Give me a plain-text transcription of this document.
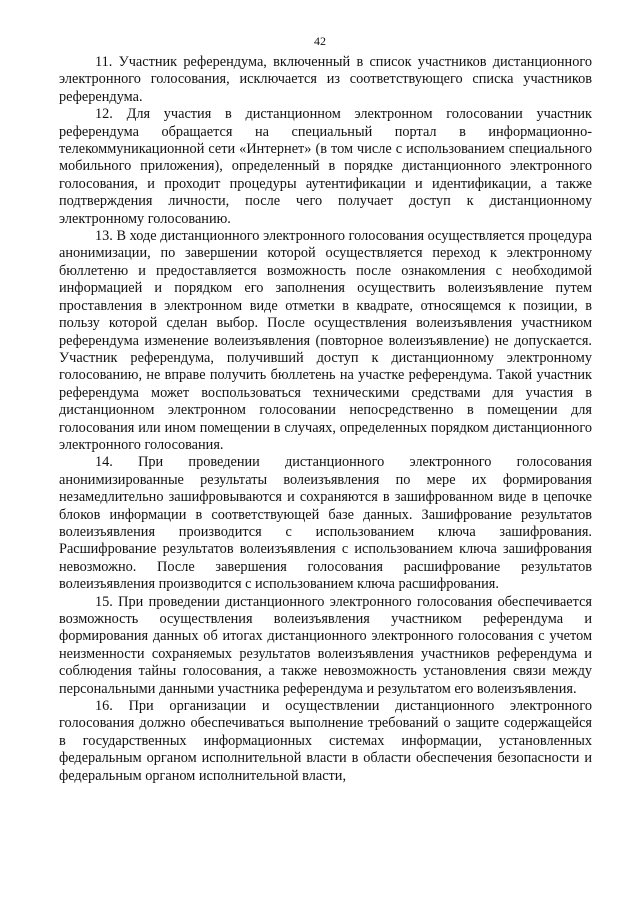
42

11. Участник референдума, включенный в список участников дистанционного электронного голосования, исключается из соответствующего списка участников референдума.

12. Для участия в дистанционном электронном голосовании участник референдума обращается на специальный портал в информационно-телекоммуникационной сети «Интернет» (в том числе с использованием специального мобильного приложения), определенный в порядке дистанционного электронного голосования, и проходит процедуры аутентификации и идентификации, а также подтверждения личности, после чего получает доступ к дистанционному электронному голосованию.

13. В ходе дистанционного электронного голосования осуществляется процедура анонимизации, по завершении которой осуществляется переход к электронному бюллетеню и предоставляется возможность после ознакомления с необходимой информацией и порядком его заполнения осуществить волеизъявление путем проставления в электронном виде отметки в квадрате, относящемся к позиции, в пользу которой сделан выбор. После осуществления волеизъявления участником референдума изменение волеизъявления (повторное волеизъявление) не допускается. Участник референдума, получивший доступ к дистанционному электронному голосованию, не вправе получить бюллетень на участке референдума. Такой участник референдума может воспользоваться техническими средствами для участия в дистанционном электронном голосовании непосредственно в помещении для голосования или ином помещении в случаях, определенных порядком дистанционного электронного голосования.

14. При проведении дистанционного электронного голосования анонимизированные результаты волеизъявления по мере их формирования незамедлительно зашифровываются и сохраняются в зашифрованном виде в цепочке блоков информации в соответствующей базе данных. Зашифрование результатов волеизъявления производится с использованием ключа зашифрования. Расшифрование результатов волеизъявления с использованием ключа зашифрования невозможно. После завершения голосования расшифрование результатов волеизъявления производится с использованием ключа расшифрования.

15. При проведении дистанционного электронного голосования обеспечивается возможность осуществления волеизъявления участником референдума и формирования данных об итогах дистанционного электронного голосования с учетом неизменности сохраняемых результатов волеизъявления участников референдума и соблюдения тайны голосования, а также невозможность установления связи между персональными данными участника референдума и результатом его волеизъявления.

16. При организации и осуществлении дистанционного электронного голосования должно обеспечиваться выполнение требований о защите содержащейся в государственных информационных системах информации, установленных федеральным органом исполнительной власти в области обеспечения безопасности и федеральным органом исполнительной власти,
